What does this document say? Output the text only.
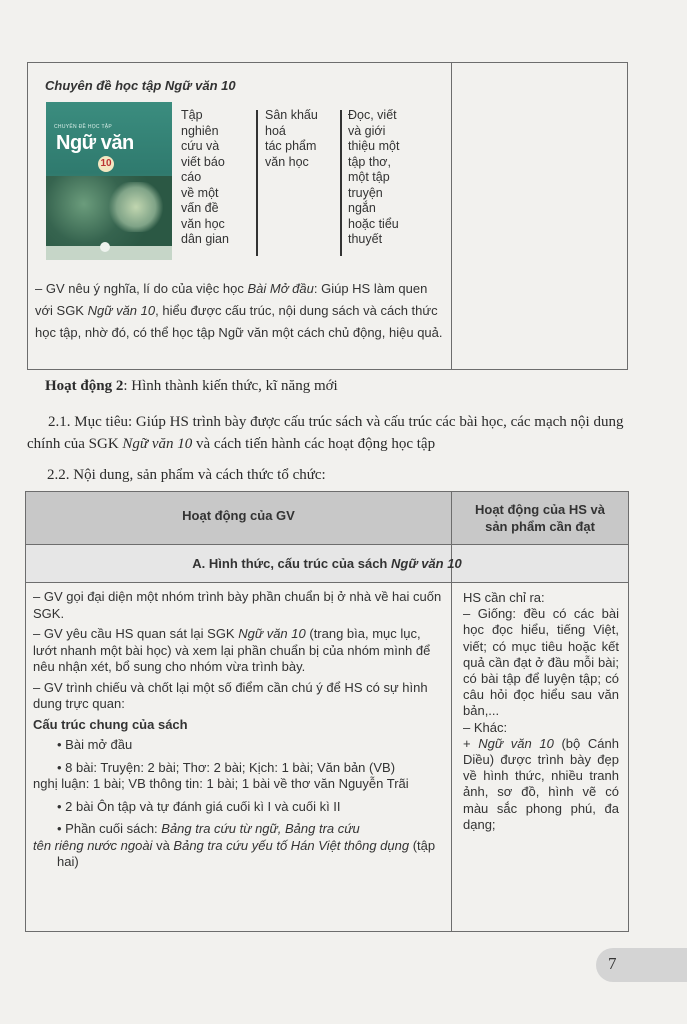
Chuyên đề học tập Ngữ văn 10
CHUYÊN ĐỀ HỌC TẬP
Ngữ văn
10
Tập
nghiên
cứu và
viết báo
cáo
về một
vấn đề
văn học
dân gian
Sân khấu
hoá
tác phẩm
văn học
Đọc, viết
và giới
thiệu một
tập thơ,
một tập
truyện
ngắn
hoặc tiểu
thuyết
– GV nêu ý nghĩa, lí do của việc học Bài Mở đầu: Giúp HS làm quen với SGK Ngữ văn 10, hiểu được cấu trúc, nội dung sách và cách thức học tập, nhờ đó, có thể học tập Ngữ văn một cách chủ động, hiệu quả.
Hoạt động 2: Hình thành kiến thức, kĩ năng mới
2.1. Mục tiêu: Giúp HS trình bày được cấu trúc sách và cấu trúc các bài học, các mạch nội dung chính của SGK Ngữ văn 10 và cách tiến hành các hoạt động học tập
2.2. Nội dung, sản phẩm và cách thức tổ chức:
Hoạt động của GV	Hoạt động của HS và
sản phẩm cần đạt
A. Hình thức, cấu trúc của sách Ngữ văn 10

– GV gọi đại diện một nhóm trình bày phần chuẩn bị ở nhà về hai cuốn SGK.

– GV yêu cầu HS quan sát lại SGK Ngữ văn 10 (trang bìa, mục lục, lướt nhanh một bài học) và xem lại phần chuẩn bị của nhóm mình để nêu nhận xét, bổ sung cho nhóm vừa trình bày.

– GV trình chiếu và chốt lại một số điểm cần chú ý để HS có sự hình dung trực quan:

Cấu trúc chung của sách

• Bài mở đầu

• 8 bài: Truyện: 2 bài; Thơ: 2 bài; Kịch: 1 bài; Văn bản (VB)
nghị luận: 1 bài; VB thông tin: 1 bài; 1 bài về thơ văn Nguyễn Trãi

• 2 bài Ôn tập và tự đánh giá cuối kì I và cuối kì II

• Phần cuối sách: Bảng tra cứu từ ngữ, Bảng tra cứu
tên riêng nước ngoài và Bảng tra cứu yếu tố Hán Việt thông dụng (tập hai)

HS cần chỉ ra:

– Giống: đều có các bài học đọc hiểu, tiếng Việt, viết; có mục tiêu hoặc kết quả cần đạt ở đầu mỗi bài; có bài tập để luyện tập; có câu hỏi đọc hiểu sau văn bản,...

– Khác:

+ Ngữ văn 10 (bộ Cánh Diều) được trình bày đẹp về hình thức, nhiều tranh ảnh, sơ đồ, hình vẽ có màu sắc phong phú, đa dạng;

7
